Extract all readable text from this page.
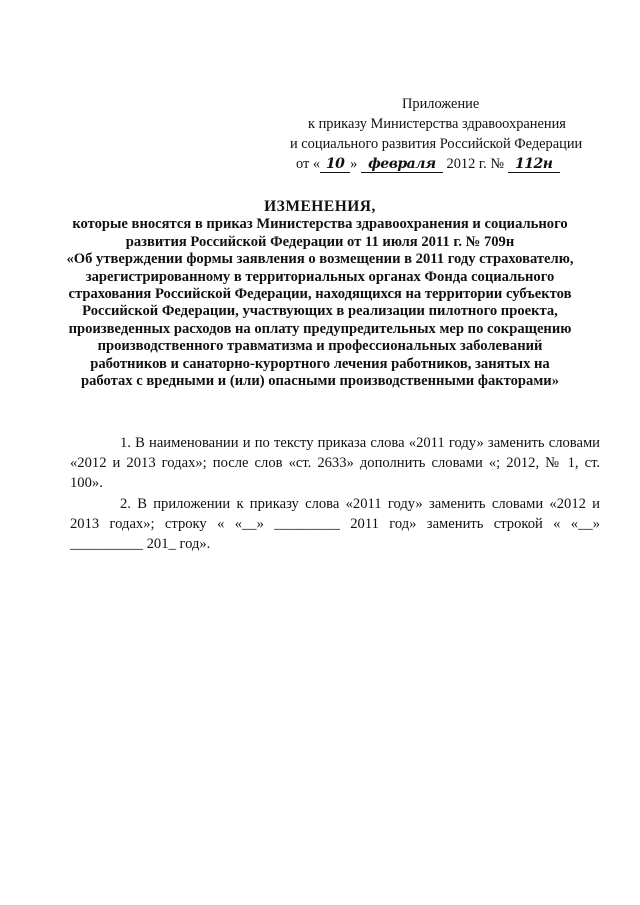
Приложение
к приказу Министерства здравоохранения
и социального развития Российской Федерации
от « 10 » февраля 2012 г. № 112н
ИЗМЕНЕНИЯ,
которые вносятся в приказ Министерства здравоохранения и социального
развития Российской Федерации от 11 июля 2011 г. № 709н
«Об утверждении формы заявления о возмещении в 2011 году страхователю,
зарегистрированному в территориальных органах Фонда социального
страхования Российской Федерации, находящихся на территории субъектов
Российской Федерации, участвующих в реализации пилотного проекта,
произведенных расходов на оплату предупредительных мер по сокращению
производственного травматизма и профессиональных заболеваний
работников и санаторно-курортного лечения работников, занятых на
работах с вредными и (или) опасными производственными факторами»

1. В наименовании и по тексту приказа слова «2011 году» заменить словами «2012 и 2013 годах»; после слов «ст. 2633» дополнить словами «; 2012, № 1, ст. 100».

2. В приложении к приказу слова «2011 году» заменить словами «2012 и 2013 годах»; строку « «__» _________ 2011 год» заменить строкой « «__» __________ 201_ год».
